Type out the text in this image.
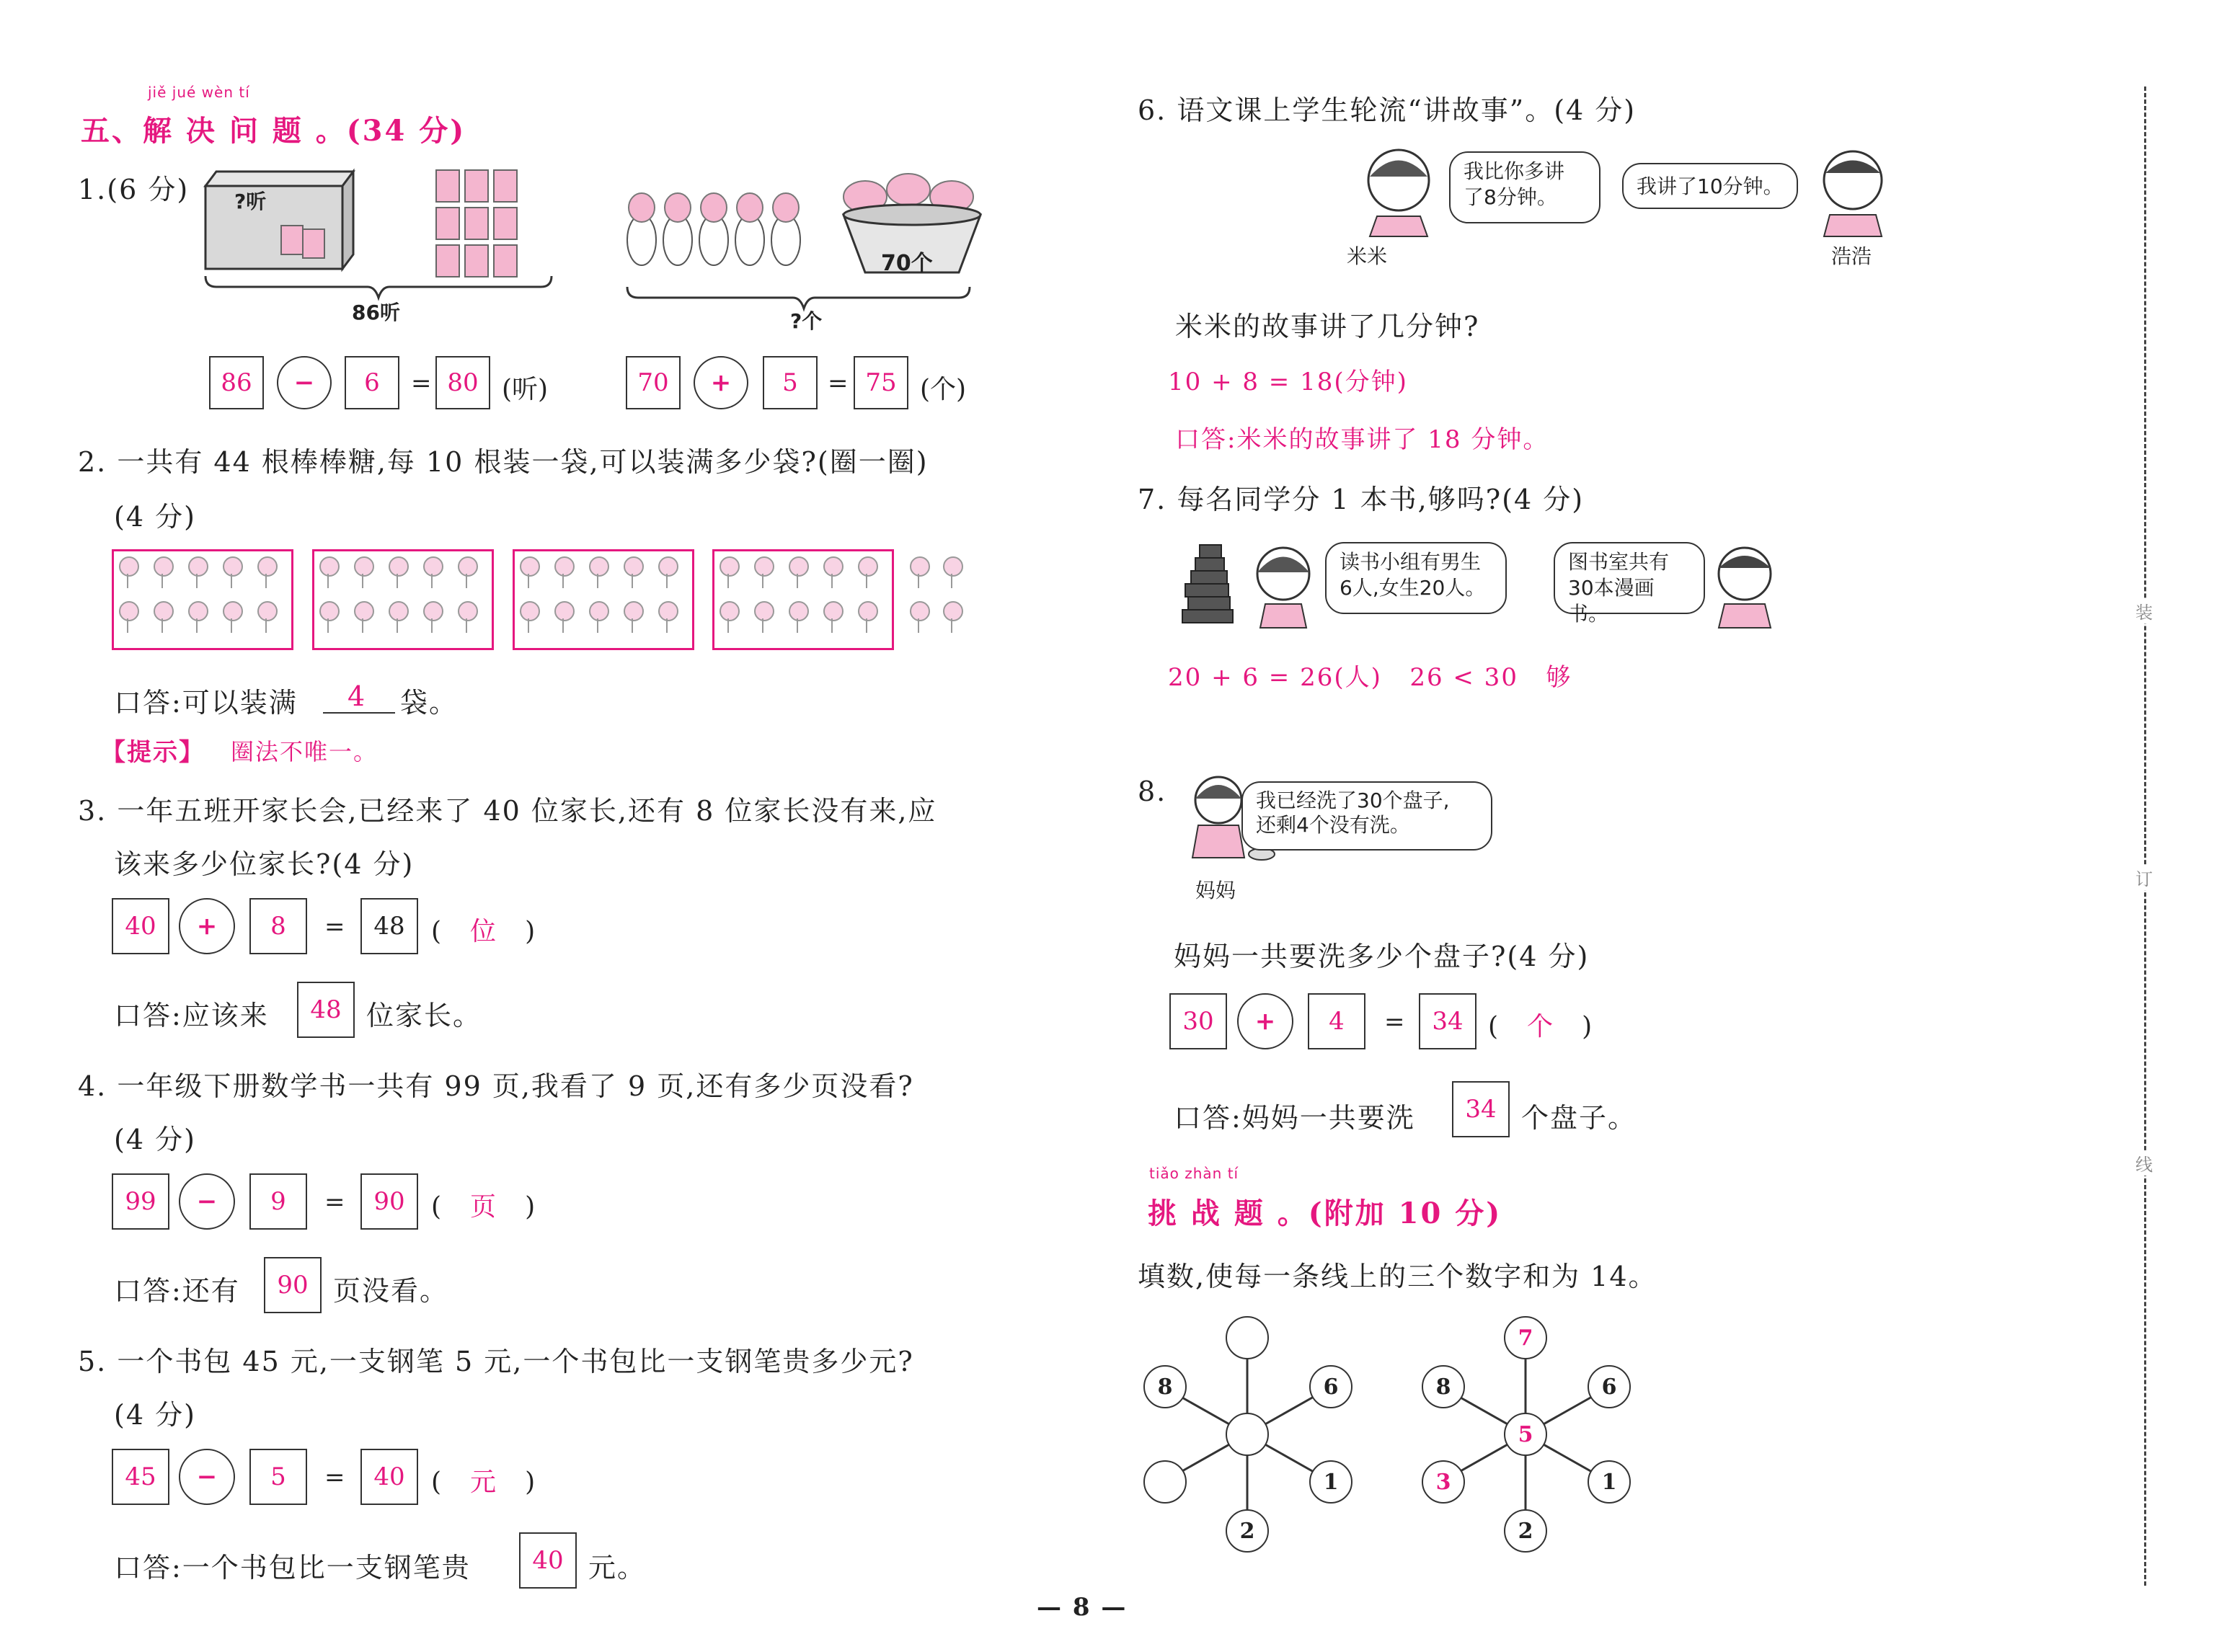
jiě jué wèn tí
五、解 决 问 题 。(34 分)
1.(6 分) ?听
86听
70个
?个
86	−	6	= 80 (听)	70	+	5	= 75 (个)
2. 一共有 44 根棒棒糖,每 10 根装一袋,可以装满多少袋?(圈一圈)
(4 分)
口答:可以装满 4 袋。
【提示】 圈法不唯一。
3. 一年五班开家长会,已经来了 40 位家长,还有 8 位家长没有来,应
该来多少位家长?(4 分)
40	+	8	=	48	( 位 )
口答:应该来	48 位家长。
4. 一年级下册数学书一共有 99 页,我看了 9 页,还有多少页没看?
(4 分)
99	−	9	=	90	( 页 )
口答:还有	90 页没看。
5. 一个书包 45 元,一支钢笔 5 元,一个书包比一支钢笔贵多少元?
(4 分)
45	−	5	=	40	( 元 )
口答:一个书包比一支钢笔贵	40 元。
6. 语文课上学生轮流“讲故事”。(4 分)
我比你多讲
了8分钟。	我讲了10分钟。
米米	浩浩
米米的故事讲了几分钟?
10 + 8 = 18(分钟)
口答:米米的故事讲了 18 分钟。
7. 每名同学分 1 本书,够吗?(4 分)
读书小组有男生
6人,女生20人。
图书室共有
30本漫画书。
20 + 6 = 26(人)   26 < 30   够
8.	我已经洗了30个盘子,
还剩4个没有洗。
妈妈
妈妈一共要洗多少个盘子?(4 分)
30	+	4	=	34 ( 个 )
口答:妈妈一共要洗	34 个盘子。
tiǎo zhàn tí
挑 战 题 。(附加 10 分)
填数,使每一条线上的三个数字和为 14。
8	6
1
2
7
8	6
5
3	1
2
装
订
线
— 8 —
